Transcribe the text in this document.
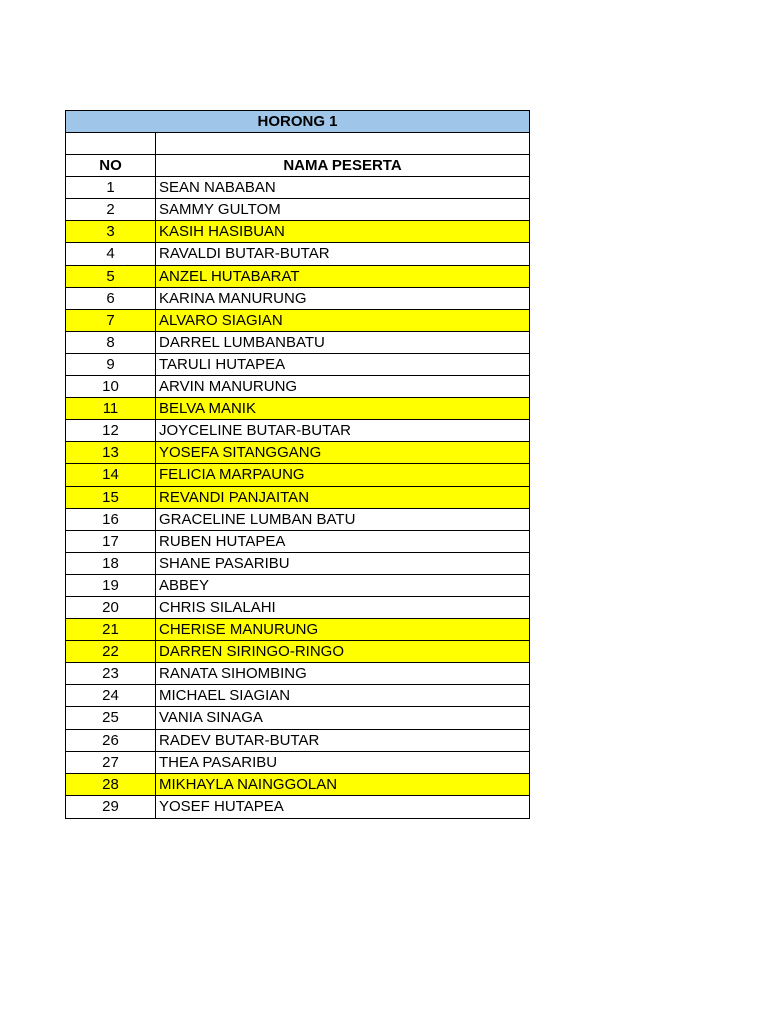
HORONG 1
NO	NAMA PESERTA
1	SEAN NABABAN
2	SAMMY GULTOM
3	KASIH HASIBUAN
4	RAVALDI BUTAR-BUTAR
5	ANZEL HUTABARAT
6	KARINA MANURUNG
7	ALVARO SIAGIAN
8	DARREL LUMBANBATU
9	TARULI HUTAPEA
10	ARVIN MANURUNG
11	BELVA MANIK
12	JOYCELINE BUTAR-BUTAR
13	YOSEFA SITANGGANG
14	FELICIA MARPAUNG
15	REVANDI PANJAITAN
16	GRACELINE LUMBAN BATU
17	RUBEN HUTAPEA
18	SHANE PASARIBU
19	ABBEY
20	CHRIS SILALAHI
21	CHERISE MANURUNG
22	DARREN SIRINGO-RINGO
23	RANATA SIHOMBING
24	MICHAEL SIAGIAN
25	VANIA SINAGA
26	RADEV BUTAR-BUTAR
27	THEA PASARIBU
28	MIKHAYLA NAINGGOLAN
29	YOSEF HUTAPEA
